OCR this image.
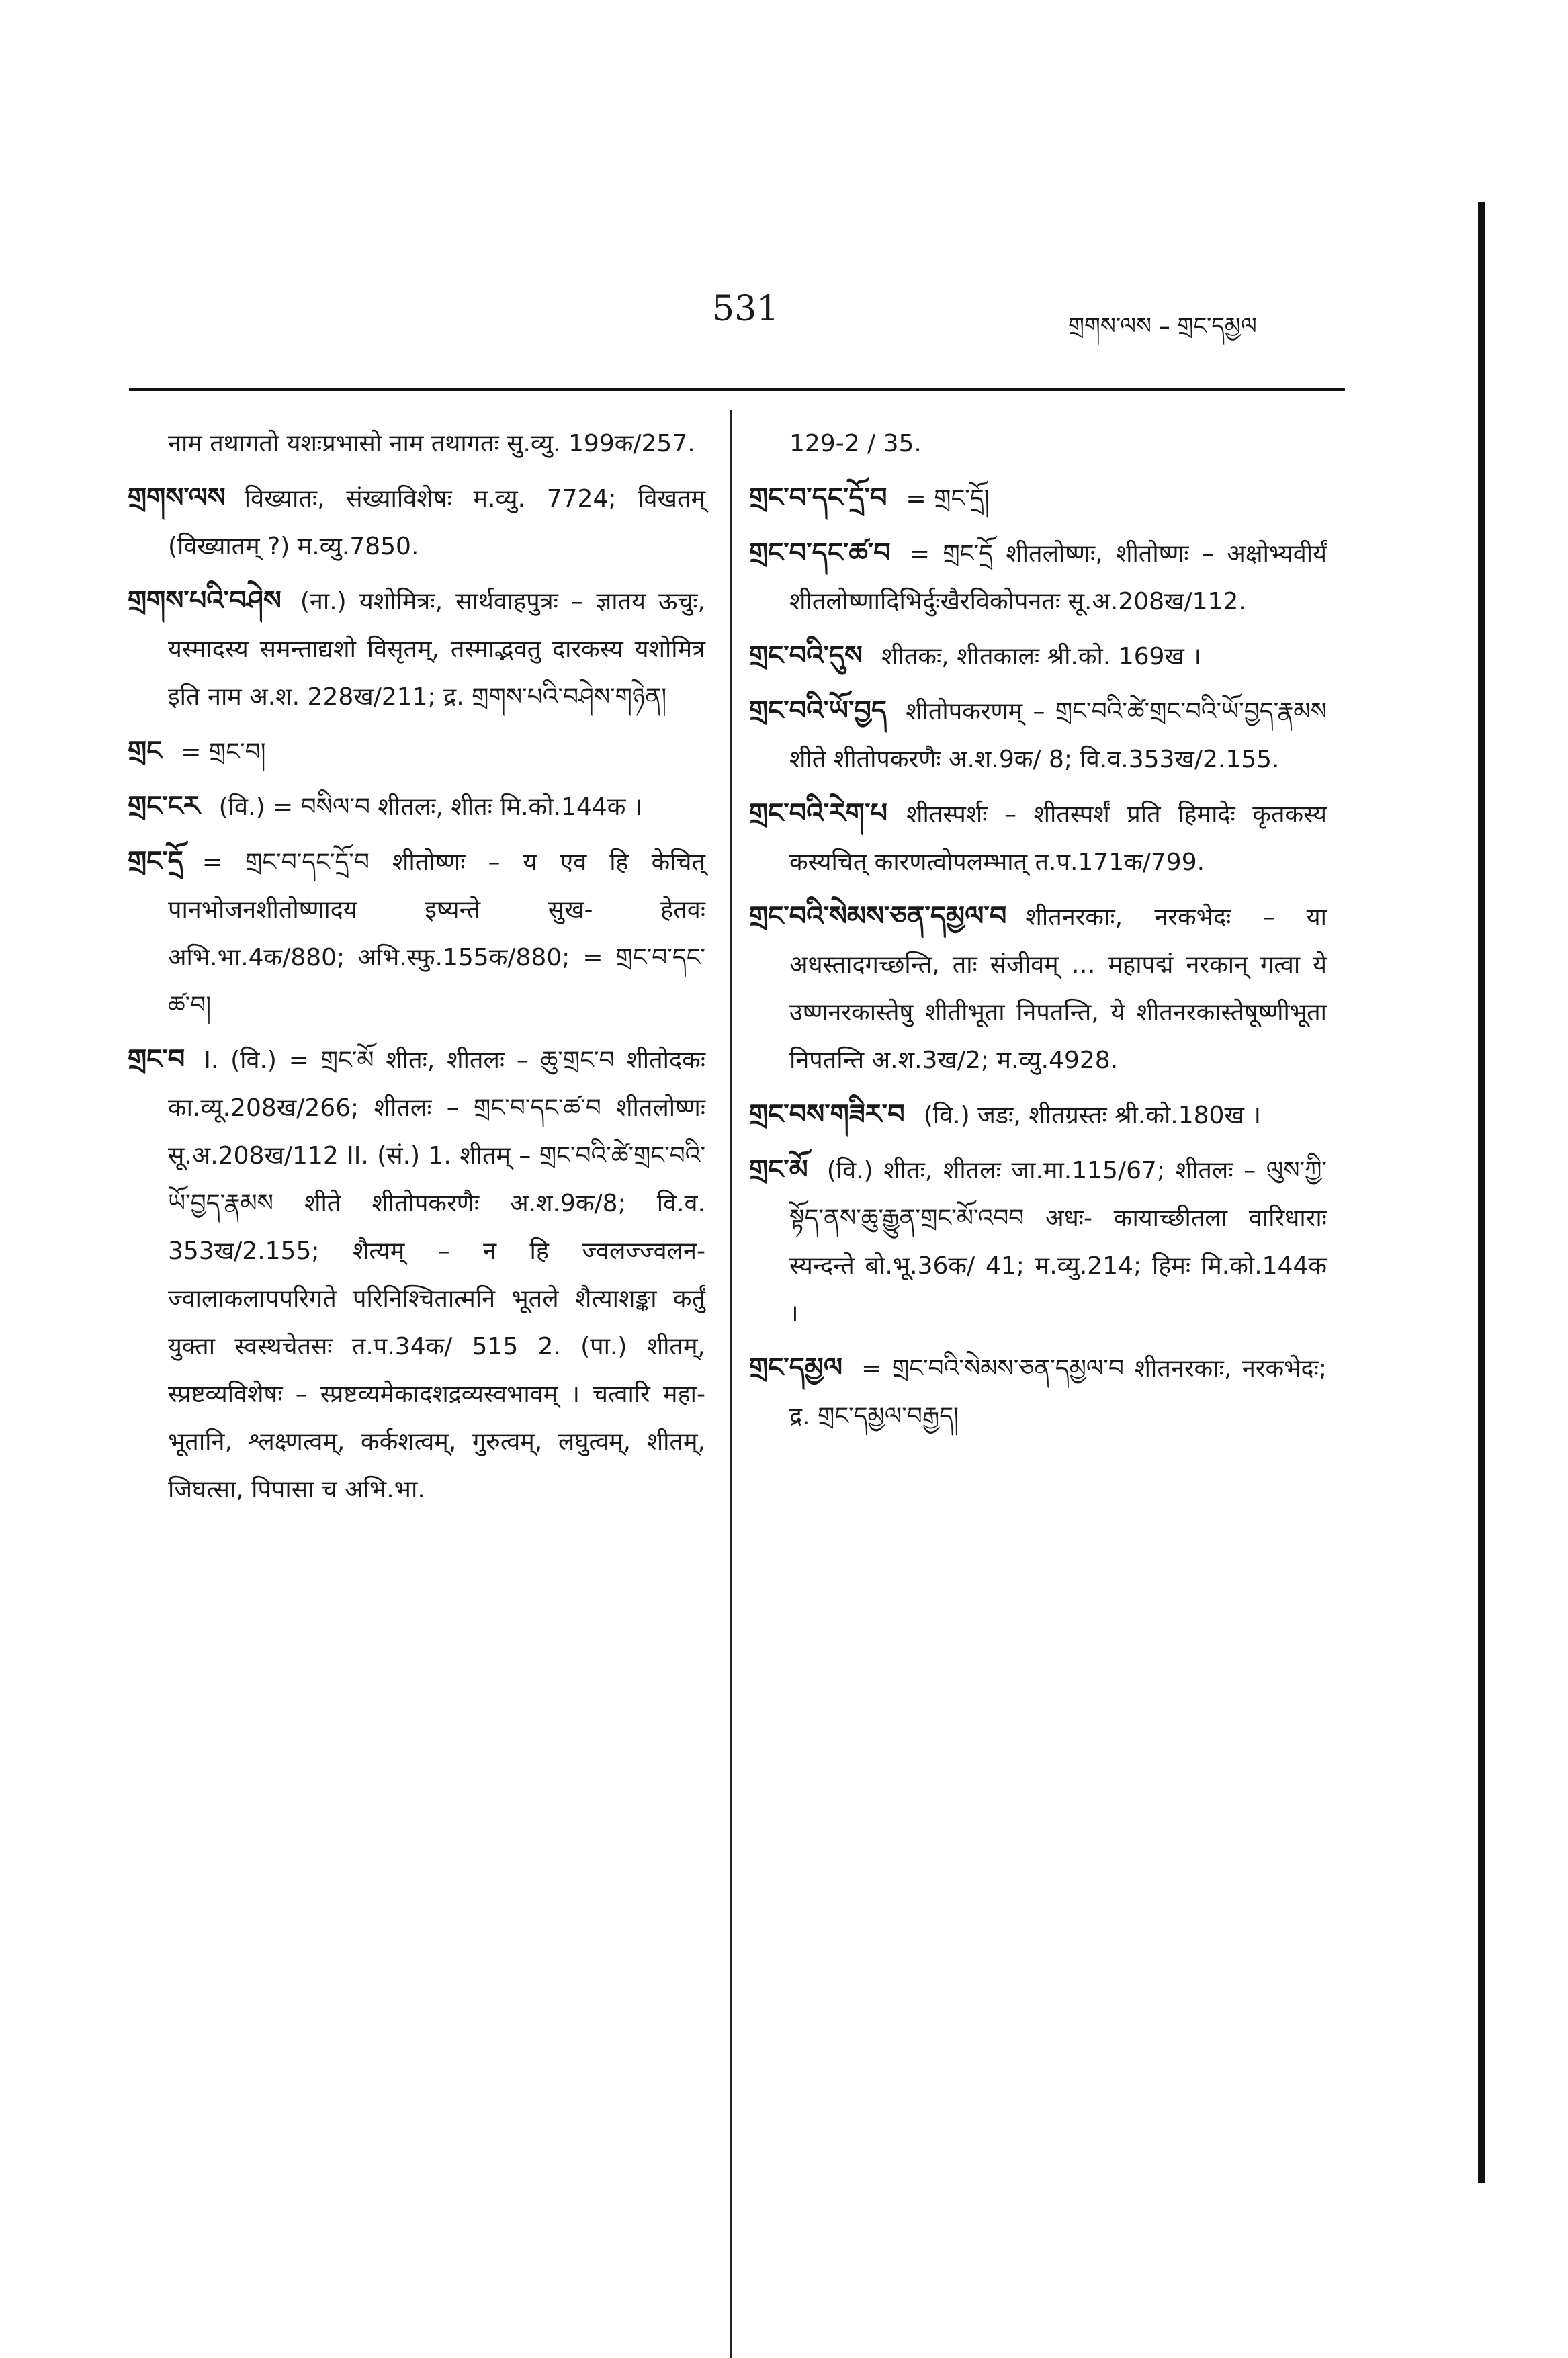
531	གྲགས་ལས – གྲང་དམྱལ

नाम तथागतो यशःप्रभासो नाम तथागतः सु.व्यु. 199क/257.

གྲགས་ལས विख्यातः, संख्याविशेषः म.व्यु. 7724; विखतम् (विख्यातम् ?) म.व्यु.7850.

གྲགས་པའི་བཤེས (ना.) यशोमित्रः, सार्थवाहपुत्रः – ज्ञातय ऊचुः, यस्मादस्य समन्ताद्यशो विसृतम्, तस्माद्भवतु दारकस्य यशोमित्र इति नाम अ.श. 228ख/211; द्र. གྲགས་པའི་བཤེས་གཉེན།

གྲང = གྲང་བ།

གྲང་ངར (वि.) = བསིལ་བ शीतलः, शीतः मि.को.144क ।

གྲང་དྲོ = གྲང་བ་དང་དྲོ་བ शीतोष्णः – य एव हि केचित् पानभोजनशीतोष्णादय इष्यन्ते सुख- हेतवः अभि.भा.4क/880; अभि.स्फु.155क/880; = གྲང་བ་དང་ཚ་བ།

གྲང་བ I. (वि.) = གྲང་མོ शीतः, शीतलः – ཆུ་གྲང་བ शीतोदकः का.व्यू.208ख/266; शीतलः – གྲང་བ་དང་ཚ་བ शीतलोष्णः सू.अ.208ख/112 II. (सं.) 1. शीतम् – གྲང་བའི་ཚེ་གྲང་བའི་ཡོ་བྱད་རྣམས शीते शीतोपकरणैः अ.श.9क/8; वि.व. 353ख/2.155; शैत्यम् – न हि ज्वलज्ज्वलन- ज्वालाकलापपरिगते परिनिश्चितात्मनि भूतले शैत्याशङ्का कर्तुं युक्ता स्वस्थचेतसः त.प.34क/ 515 2. (पा.) शीतम्, स्प्रष्टव्यविशेषः – स्प्रष्टव्यमेकादशद्रव्यस्वभावम् । चत्वारि महा- भूतानि, श्लक्ष्णत्वम्, कर्कशत्वम्, गुरुत्वम्, लघुत्वम्, शीतम्, जिघत्सा, पिपासा च अभि.भा.

129-2 / 35.

གྲང་བ་དང་དྲོ་བ = གྲང་དྲོ།

གྲང་བ་དང་ཚ་བ = གྲང་དྲོ शीतलोष्णः, शीतोष्णः – अक्षोभ्यवीर्यं शीतलोष्णादिभिर्दुःखैरविकोपनतः सू.अ.208ख/112.

གྲང་བའི་དུས शीतकः, शीतकालः श्री.को. 169ख ।

གྲང་བའི་ཡོ་བྱད शीतोपकरणम् – གྲང་བའི་ཚེ་གྲང་བའི་ཡོ་བྱད་རྣམས शीते शीतोपकरणैः अ.श.9क/ 8; वि.व.353ख/2.155.

གྲང་བའི་རེག་པ शीतस्पर्शः – शीतस्पर्शं प्रति हिमादेः कृतकस्य कस्यचित् कारणत्वोपलम्भात् त.प.171क/799.

གྲང་བའི་སེམས་ཅན་དམྱལ་བ शीतनरकाः, नरकभेदः – या अधस्तादगच्छन्ति, ताः संजीवम् … महापद्मं नरकान् गत्वा ये उष्णनरकास्तेषु शीतीभूता निपतन्ति, ये शीतनरकास्तेषूष्णीभूता निपतन्ति अ.श.3ख/2; म.व्यु.4928.

གྲང་བས་གཟིར་བ (वि.) जडः, शीतग्रस्तः श्री.को.180ख ।

གྲང་མོ (वि.) शीतः, शीतलः जा.मा.115/67; शीतलः – ལུས་ཀྱི་སྟོད་ནས་ཆུ་རྒྱུན་གྲང་མོ་འབབ अधः- कायाच्छीतला वारिधाराः स्यन्दन्ते बो.भू.36क/ 41; म.व्यु.214; हिमः मि.को.144क ।

གྲང་དམྱལ = གྲང་བའི་སེམས་ཅན་དམྱལ་བ शीतनरकाः, नरकभेदः; द्र. གྲང་དམྱལ་བརྒྱད།
